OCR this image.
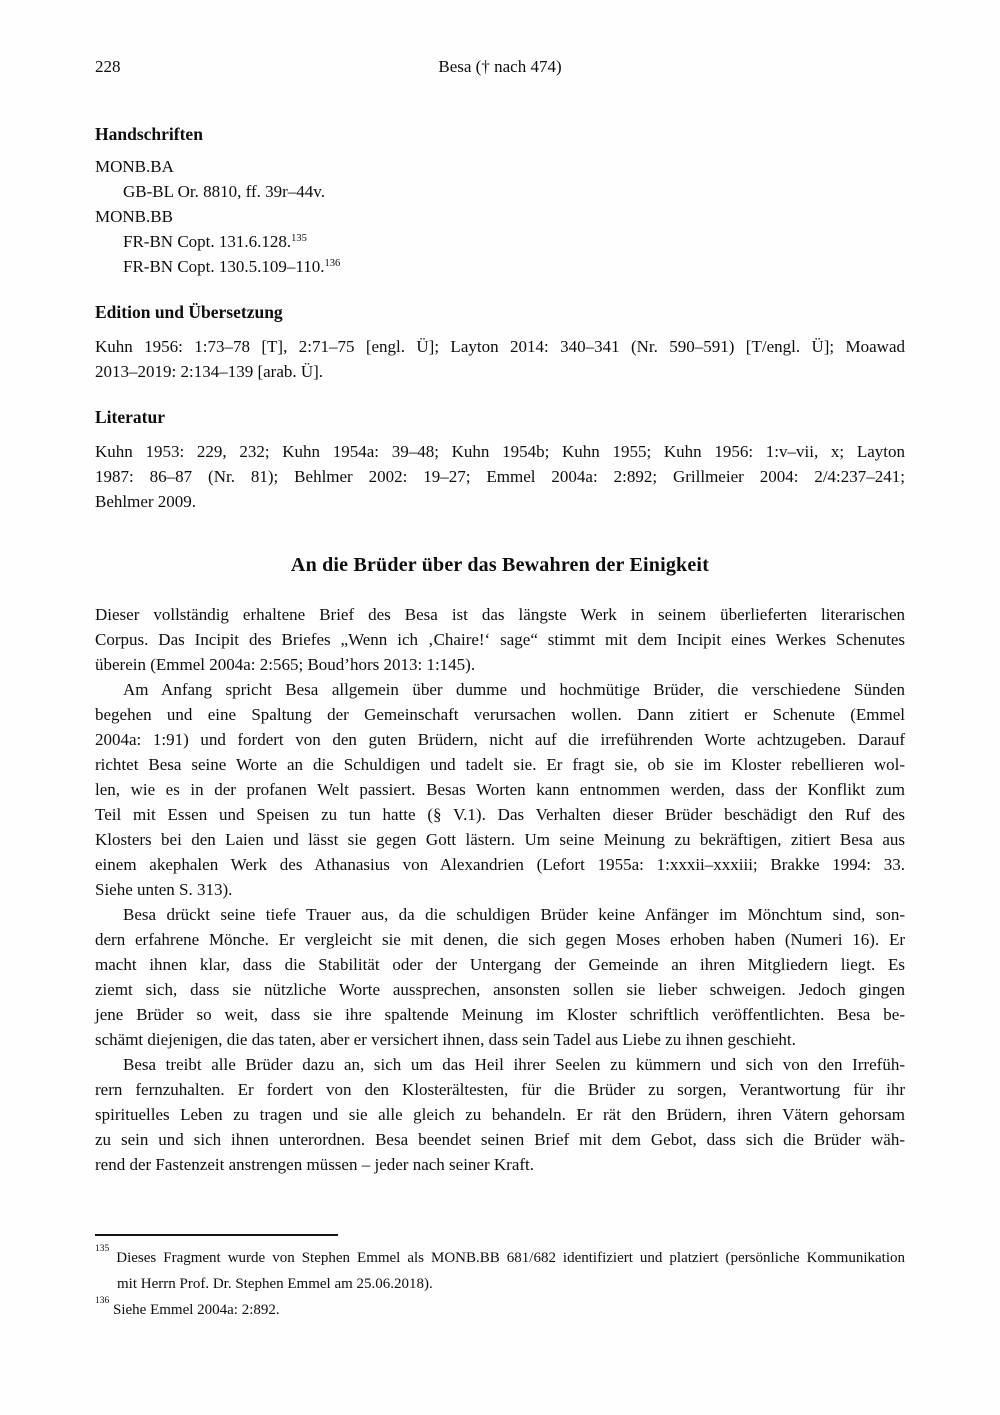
228	Besa († nach 474)
Handschriften
MONB.BA
GB-BL Or. 8810, ff. 39r–44v.
MONB.BB
FR-BN Copt. 131.6.128.$^{135}$
FR-BN Copt. 130.5.109–110.$^{136}$
Edition und Übersetzung
Kuhn 1956: 1:73–78 [T], 2:71–75 [engl. Ü]; Layton 2014: 340–341 (Nr. 590–591) [T/engl. Ü]; Moawad
2013–2019: 2:134–139 [arab. Ü].
Literatur
Kuhn 1953: 229, 232; Kuhn 1954a: 39–48; Kuhn 1954b; Kuhn 1955; Kuhn 1956: 1:v–vii, x; Layton
1987: 86–87 (Nr. 81); Behlmer 2002: 19–27; Emmel 2004a: 2:892; Grillmeier 2004: 2/4:237–241;
Behlmer 2009.
An die Brüder über das Bewahren der Einigkeit
Dieser vollständig erhaltene Brief des Besa ist das längste Werk in seinem überlieferten literarischen
Corpus. Das Incipit des Briefes „Wenn ich ‚Chaire!‘ sage“ stimmt mit dem Incipit eines Werkes Schenutes
überein (Emmel 2004a: 2:565; Boud’hors 2013: 1:145).
Am Anfang spricht Besa allgemein über dumme und hochmütige Brüder, die verschiedene Sünden
begehen und eine Spaltung der Gemeinschaft verursachen wollen. Dann zitiert er Schenute (Emmel
2004a: 1:91) und fordert von den guten Brüdern, nicht auf die irreführenden Worte achtzugeben. Darauf
richtet Besa seine Worte an die Schuldigen und tadelt sie. Er fragt sie, ob sie im Kloster rebellieren wol-
len, wie es in der profanen Welt passiert. Besas Worten kann entnommen werden, dass der Konflikt zum
Teil mit Essen und Speisen zu tun hatte (§ V.1). Das Verhalten dieser Brüder beschädigt den Ruf des
Klosters bei den Laien und lässt sie gegen Gott lästern. Um seine Meinung zu bekräftigen, zitiert Besa aus
einem akephalen Werk des Athanasius von Alexandrien (Lefort 1955a: 1:xxxii–xxxiii; Brakke 1994: 33.
Siehe unten S. 313).
Besa drückt seine tiefe Trauer aus, da die schuldigen Brüder keine Anfänger im Mönchtum sind, son-
dern erfahrene Mönche. Er vergleicht sie mit denen, die sich gegen Moses erhoben haben (Numeri 16). Er
macht ihnen klar, dass die Stabilität oder der Untergang der Gemeinde an ihren Mitgliedern liegt. Es
ziemt sich, dass sie nützliche Worte aussprechen, ansonsten sollen sie lieber schweigen. Jedoch gingen
jene Brüder so weit, dass sie ihre spaltende Meinung im Kloster schriftlich veröffentlichten. Besa be-
schämt diejenigen, die das taten, aber er versichert ihnen, dass sein Tadel aus Liebe zu ihnen geschieht.
Besa treibt alle Brüder dazu an, sich um das Heil ihrer Seelen zu kümmern und sich von den Irrefüh-
rern fernzuhalten. Er fordert von den Klosterältesten, für die Brüder zu sorgen, Verantwortung für ihr
spirituelles Leben zu tragen und sie alle gleich zu behandeln. Er rät den Brüdern, ihren Vätern gehorsam
zu sein und sich ihnen unterordnen. Besa beendet seinen Brief mit dem Gebot, dass sich die Brüder wäh-
rend der Fastenzeit anstrengen müssen – jeder nach seiner Kraft.
$^{135}$ Dieses Fragment wurde von Stephen Emmel als MONB.BB 681/682 identifiziert und platziert (persönliche Kommunikation
mit Herrn Prof. Dr. Stephen Emmel am 25.06.2018).
$^{136}$ Siehe Emmel 2004a: 2:892.
